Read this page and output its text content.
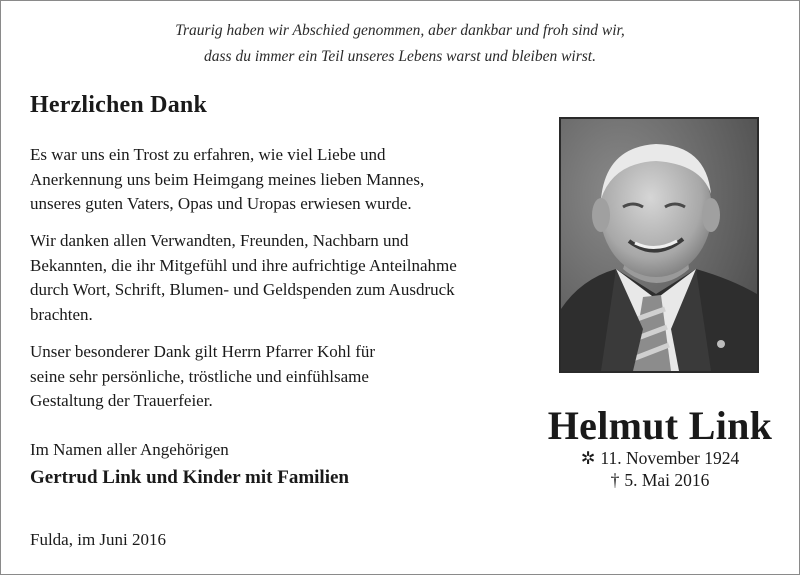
Traurig haben wir Abschied genommen, aber dankbar und froh sind wir,
dass du immer ein Teil unseres Lebens warst und bleiben wirst.
Herzlichen Dank
Es war uns ein Trost zu erfahren, wie viel Liebe und
Anerkennung uns beim Heimgang meines lieben Mannes,
unseres guten Vaters, Opas und Uropas erwiesen wurde.
Wir danken allen Verwandten, Freunden, Nachbarn und
Bekannten, die ihr Mitgefühl und ihre aufrichtige Anteilnahme
durch Wort, Schrift, Blumen- und Geldspenden zum Ausdruck
brachten.
Unser besonderer Dank gilt Herrn Pfarrer Kohl für
seine sehr persönliche, tröstliche und einfühlsame
Gestaltung der Trauerfeier.
Im Namen aller Angehörigen
Gertrud Link und Kinder mit Familien
Fulda, im Juni 2016
Helmut Link
✲ 11. November 1924
† 5. Mai 2016
